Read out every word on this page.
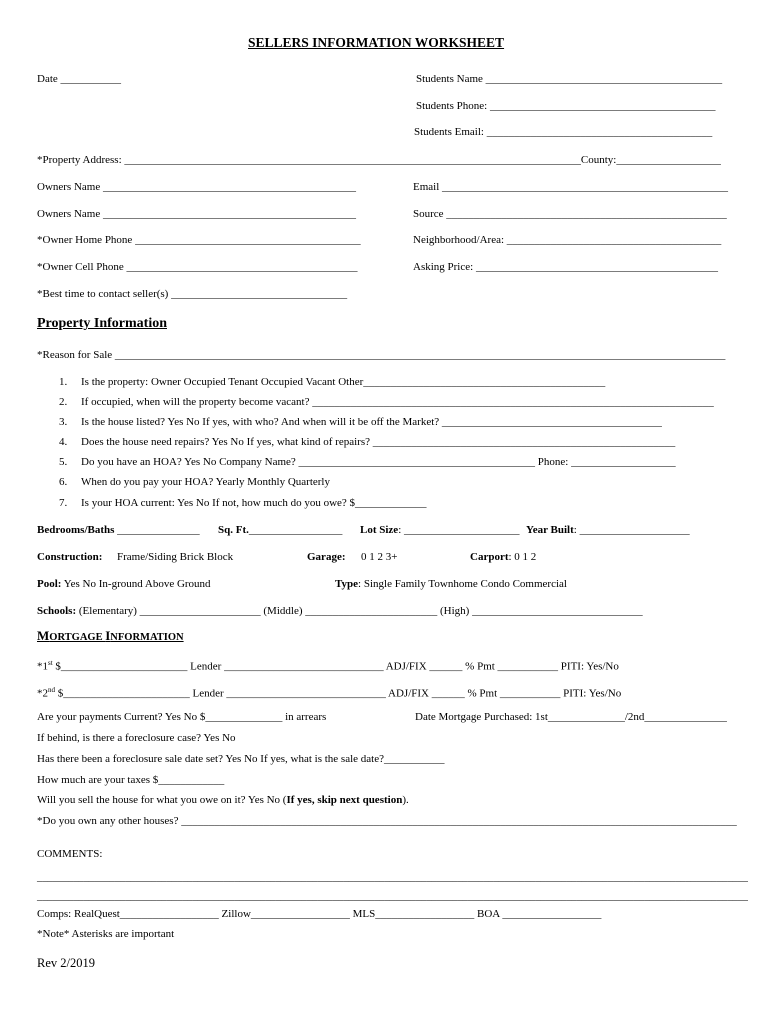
SELLERS INFORMATION WORKSHEET
Date ___________	Students Name ___________________________________________
Students Phone: _________________________________________
Students Email: _________________________________________
*Property Address: ___________________________________________________________________________________County:___________________
Owners Name ______________________________________________	Email ____________________________________________________
Owners Name ______________________________________________	Source ___________________________________________________
*Owner Home Phone _________________________________________	Neighborhood/Area: _______________________________________
*Owner Cell Phone __________________________________________	Asking Price: ____________________________________________
*Best time to contact seller(s) ________________________________
Property Information
*Reason for Sale _______________________________________________________________________________________________________________
1. Is the property: Owner Occupied Tenant Occupied Vacant Other____________________________________________
2. If occupied, when will the property become vacant? _________________________________________________________________________
3. Is the house listed? Yes No If yes, with who? And when will it be off the Market? ________________________________________
4. Does the house need repairs? Yes No If yes, what kind of repairs? _______________________________________________________
5. Do you have an HOA? Yes No Company Name? ___________________________________________ Phone: ___________________
6. When do you pay your HOA? Yearly Monthly Quarterly
7. Is your HOA current: Yes No If not, how much do you owe? $_____________
Bedrooms/Baths _______________ Sq. Ft._________________ Lot Size: _____________________ Year Built: ____________________
Construction: Frame/Siding Brick Block	Garage: 0 1 2 3+	Carport: 0 1 2
Pool: Yes No In-ground Above Ground	Type: Single Family Townhome Condo Commercial
Schools: (Elementary) ______________________ (Middle) ________________________ (High) _______________________________
MORTGAGE INFORMATION
*1st $_______________________ Lender _____________________________ ADJ/FIX ______ % Pmt ___________ PITI: Yes/No
*2nd $_______________________ Lender _____________________________ ADJ/FIX ______ % Pmt ___________ PITI: Yes/No
Are your payments Current? Yes No $______________ in arrears	Date Mortgage Purchased: 1st______________/2nd_______________
If behind, is there a foreclosure case? Yes No
Has there been a foreclosure sale date set? Yes No If yes, what is the sale date?___________
How much are your taxes $____________
Will you sell the house for what you owe on it? Yes No (If yes, skip next question).
*Do you own any other houses? _____________________________________________________________________________________________________
COMMENTS:
_________________________________________________________________________________________________________________________________________
_________________________________________________________________________________________________________________________________________
Comps: RealQuest__________________ Zillow__________________ MLS__________________ BOA __________________
*Note* Asterisks are important
Rev 2/2019
